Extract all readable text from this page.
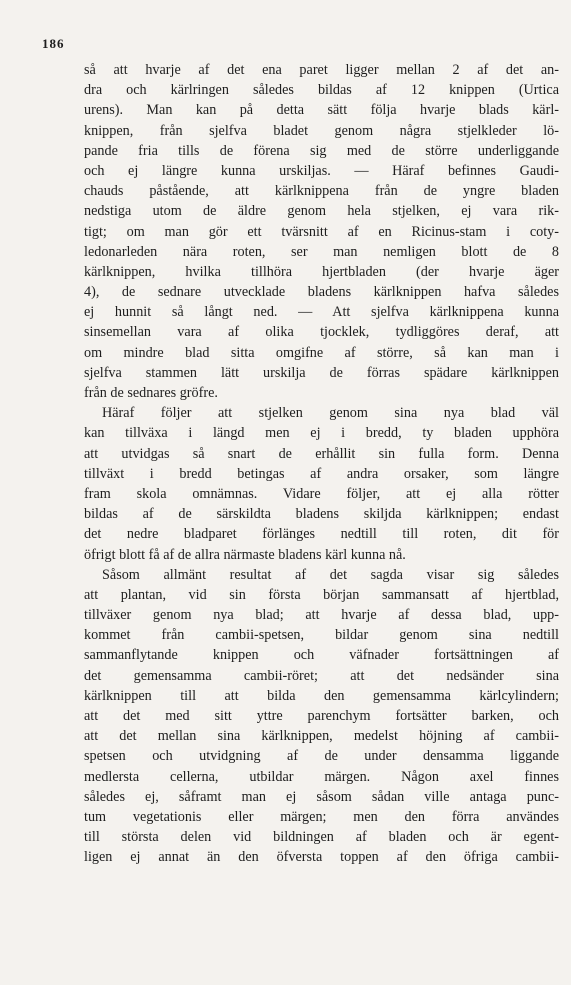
186
så att hvarje af det ena paret ligger mellan 2 af det an-
dra och kärlringen således bildas af 12 knippen (Urtica
urens). Man kan på detta sätt följa hvarje blads kärl-
knippen, från sjelfva bladet genom några stjelkleder lö-
pande fria tills de förena sig med de större underliggande
och ej längre kunna urskiljas. — Häraf befinnes Gaudi-
chauds påstående, att kärlknippena från de yngre bladen
nedstiga utom de äldre genom hela stjelken, ej vara rik-
tigt; om man gör ett tvärsnitt af en Ricinus-stam i coty-
ledonarleden nära roten, ser man nemligen blott de 8
kärlknippen, hvilka tillhöra hjertbladen (der hvarje äger
4), de sednare utvecklade bladens kärlknippen hafva således
ej hunnit så långt ned. — Att sjelfva kärlknippena kunna
sinsemellan vara af olika tjocklek, tydliggöres deraf, att
om mindre blad sitta omgifne af större, så kan man i
sjelfva stammen lätt urskilja de förras spädare kärlknippen
från de sednares gröfre.
Häraf följer att stjelken genom sina nya blad väl
kan tillväxa i längd men ej i bredd, ty bladen upphöra
att utvidgas så snart de erhållit sin fulla form. Denna
tillväxt i bredd betingas af andra orsaker, som längre
fram skola omnämnas. Vidare följer, att ej alla rötter
bildas af de särskildta bladens skiljda kärlknippen; endast
det nedre bladparet förlänges nedtill till roten, dit för
öfrigt blott få af de allra närmaste bladens kärl kunna nå.
Såsom allmänt resultat af det sagda visar sig således
att plantan, vid sin första början sammansatt af hjertblad,
tillväxer genom nya blad; att hvarje af dessa blad, upp-
kommet från cambii-spetsen, bildar genom sina nedtill
sammanflytande knippen och väfnader fortsättningen af
det gemensamma cambii-röret; att det nedsänder sina
kärlknippen till att bilda den gemensamma kärlcylindern;
att det med sitt yttre parenchym fortsätter barken, och
att det mellan sina kärlknippen, medelst höjning af cambii-
spetsen och utvidgning af de under densamma liggande
medlersta cellerna, utbildar märgen. Någon axel finnes
således ej, såframt man ej såsom sådan ville antaga punc-
tum vegetationis eller märgen; men den förra användes
till största delen vid bildningen af bladen och är egent-
ligen ej annat än den öfversta toppen af den öfriga cambii-
